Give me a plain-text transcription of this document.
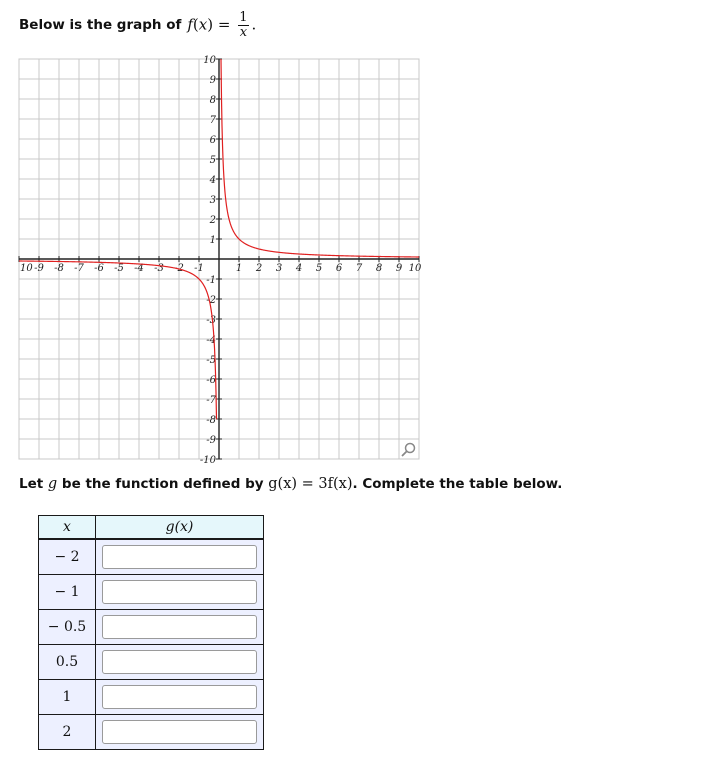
Below is the graph of $f(x) = \frac{1}{x}$ .
10 -9 -8 -7 -6 -5 -4 -3 -2 -1	1 2 3 4 5 6 7 8 9 10
1
2
3
4
5
6
7
8
9
10
-1
-2
-3
-4
-5
-6
-7
-8
-9
-10
Let g be the function defined by g(x) = 3f(x). Complete the table below.
x	g(x)
− 2	

− 1	

− 0.5	

0.5	

1	

2	
